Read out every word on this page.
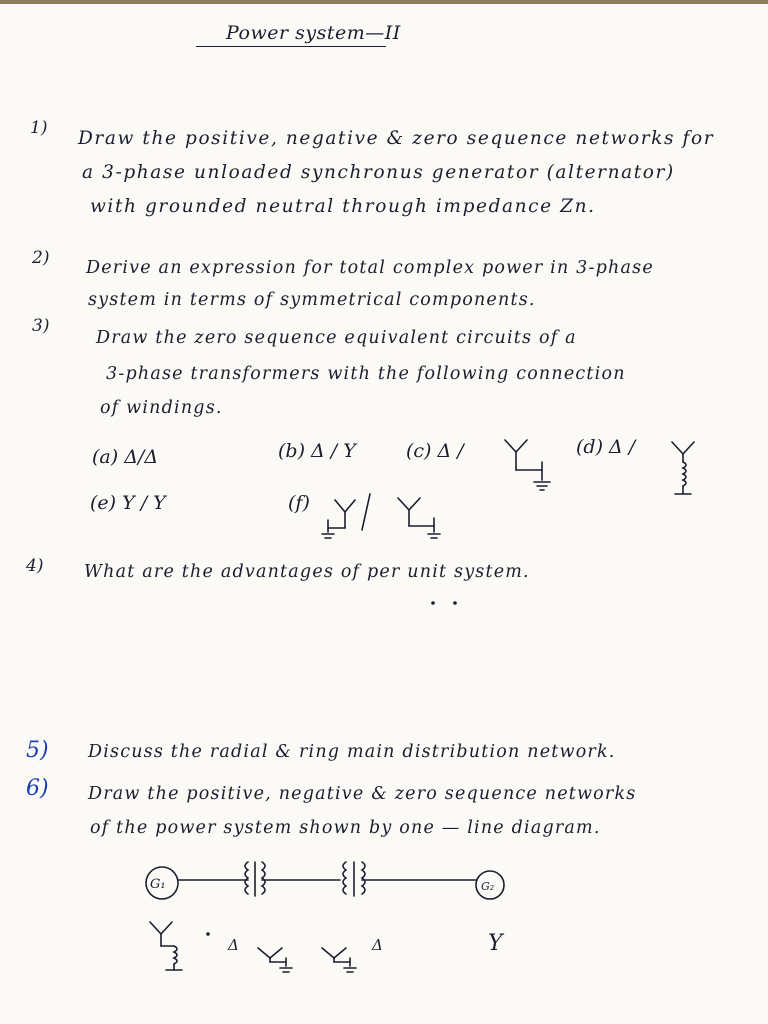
Power system—II
1) Draw the positive, negative & zero sequence networks for
a 3-phase unloaded synchronus generator (alternator)
with grounded neutral through impedance Zn.
2) Derive an expression for total complex power in 3-phase
system in terms of symmetrical components.
3)
Draw the zero sequence equivalent circuits of a
3-phase transformers with the following connection
of windings.
(a) Δ/Δ	(b) Δ / Y	(c) Δ /	(d) Δ /
(e) Y / Y	(f)
4) What are the advantages of per unit system.
5) Discuss the radial & ring main distribution network.
6) Draw the positive, negative & zero sequence networks
of the power system shown by one — line diagram.
G₁	G₂
Δ	Δ	Y
